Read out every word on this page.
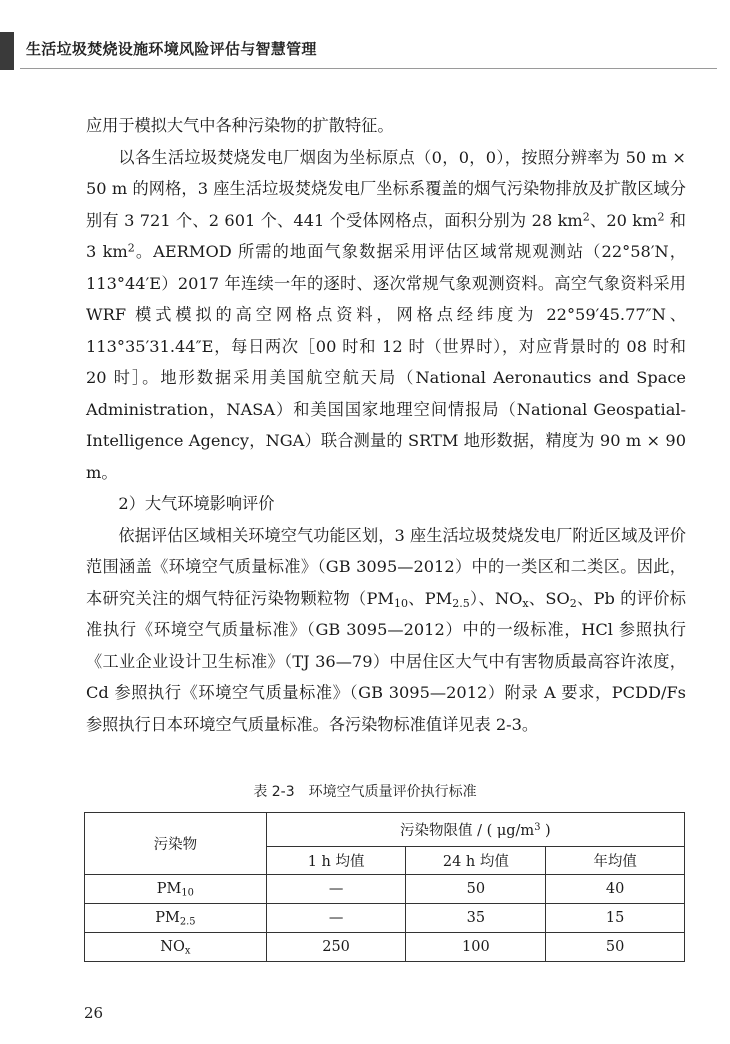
生活垃圾焚烧设施环境风险评估与智慧管理

应用于模拟大气中各种污染物的扩散特征。

以各生活垃圾焚烧发电厂烟囱为坐标原点（0，0，0），按照分辨率为 50 m × 50 m 的网格，3 座生活垃圾焚烧发电厂坐标系覆盖的烟气污染物排放及扩散区域分别有 3 721 个、2 601 个、441 个受体网格点，面积分别为 28 $km^2$、20 $km^2$ 和 3 $km^2$。AERMOD 所需的地面气象数据采用评估区域常规观测站（22°58′N，113°44′E）2017 年连续一年的逐时、逐次常规气象观测资料。高空气象资料采用 WRF 模式模拟的高空网格点资料，网格点经纬度为 22°59′45.77″N、113°35′31.44″E，每日两次［00 时和 12 时（世界时），对应背景时的 08 时和 20 时］。地形数据采用美国航空航天局（National Aeronautics and Space Administration，NASA）和美国国家地理空间情报局（National Geospatial-Intelligence Agency，NGA）联合测量的 SRTM 地形数据，精度为 90 m × 90 m。

2）大气环境影响评价

依据评估区域相关环境空气功能区划，3 座生活垃圾焚烧发电厂附近区域及评价范围涵盖《环境空气质量标准》（GB 3095—2012）中的一类区和二类区。因此，本研究关注的烟气特征污染物颗粒物（$PM_{10}$、$PM_{2.5}$）、$NO_x$、$SO_2$、Pb 的评价标准执行《环境空气质量标准》（GB 3095—2012）中的一级标准，HCl 参照执行《工业企业设计卫生标准》（TJ 36—79）中居住区大气中有害物质最高容许浓度，Cd 参照执行《环境空气质量标准》（GB 3095—2012）附录 A 要求，PCDD/Fs 参照执行日本环境空气质量标准。各污染物标准值详见表 2-3。

表 2-3　环境空气质量评价执行标准
污染物	污染物限值 / ( $\mu g/m^3$ )		
	1 h 均值	24 h 均值	年均值
$PM_{10}$	—	50	40
$PM_{2.5}$	—	35	15
$NO_x$	250	100	50
26
